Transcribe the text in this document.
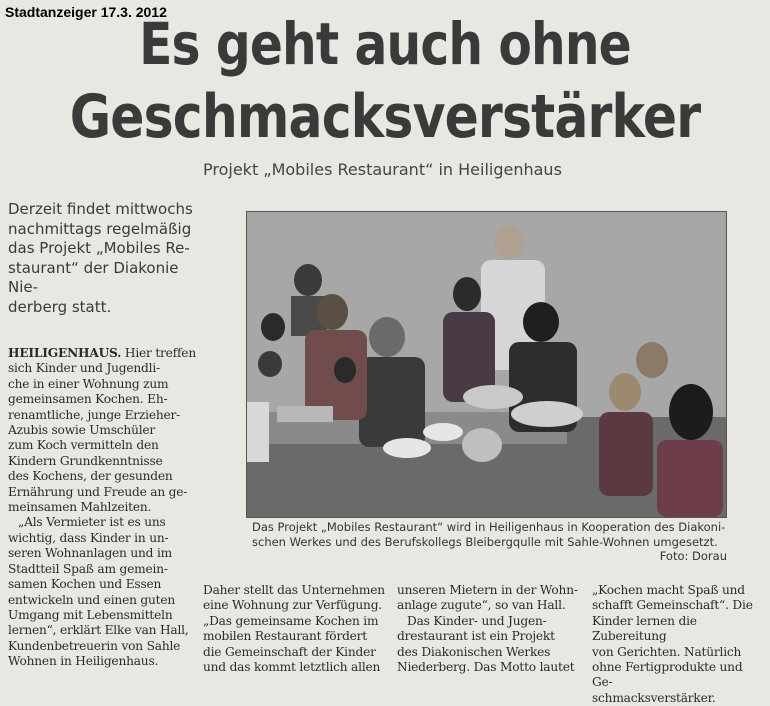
Stadtanzeiger 17.3. 2012
Es geht auch ohne
Geschmacksverstärker
Projekt „Mobiles Restaurant“ in Heiligenhaus
Derzeit findet mittwochs
nachmittags regelmäßig
das Projekt „Mobiles Re-
staurant“ der Diakonie Nie-
derberg statt.
Das Projekt „Mobiles Restaurant“ wird in Heiligenhaus in Kooperation des Diakoni-
schen Werkes und des Berufskollegs Bleibergqulle mit Sahle-Wohnen umgesetzt.
Foto: Dorau

HEILIGENHAUS. Hier treffen

sich Kinder und Jugendli-

che in einer Wohnung zum

gemeinsamen Kochen. Eh-

renamtliche, junge Erzieher-

Azubis sowie Umschüler

zum Koch vermitteln den

Kindern Grundkenntnisse

des Kochens, der gesunden

Ernährung und Freude an ge-

meinsamen Mahlzeiten.

„Als Vermieter ist es uns

wichtig, dass Kinder in un-

seren Wohnanlagen und im

Stadtteil Spaß am gemein-

samen Kochen und Essen

entwickeln und einen guten

Umgang mit Lebensmitteln

lernen“, erklärt Elke van Hall,

Kundenbetreuerin von Sahle

Wohnen in Heiligenhaus.

Daher stellt das Unternehmen

eine Wohnung zur Verfügung.

„Das gemeinsame Kochen im

mobilen Restaurant fördert

die Gemeinschaft der Kinder

und das kommt letztlich allen

unseren Mietern in der Wohn-

anlage zugute“, so van Hall.

Das Kinder- und Jugen-

drestaurant ist ein Projekt

des Diakonischen Werkes

Niederberg. Das Motto lautet

„Kochen macht Spaß und

schafft Gemeinschaft“. Die

Kinder lernen die Zubereitung

von Gerichten. Natürlich

ohne Fertigprodukte und Ge-

schmacksverstärker.
